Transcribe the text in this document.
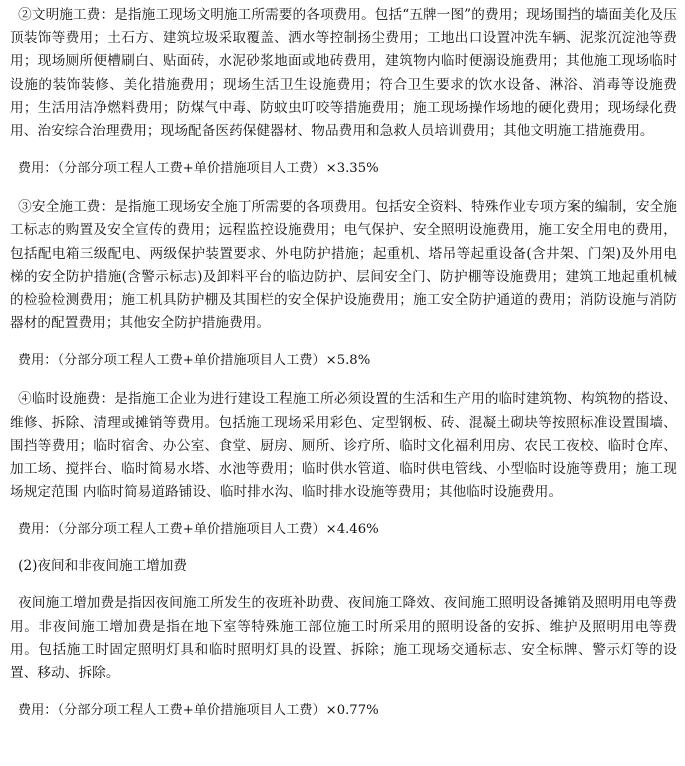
②文明施工费：是指施工现场文明施工所需要的各项费用。包括“五牌一图”的费用；现场围挡的墙面美化及压顶装饰等费用；土石方、建筑垃圾采取覆盖、洒水等控制扬尘费用；工地出口设置冲洗车辆、泥浆沉淀池等费用；现场厕所便槽刷白、贴面砖，水泥砂浆地面或地砖费用，建筑物内临时便溺设施费用；其他施工现场临时设施的装饰装修、美化措施费用；现场生活卫生设施费用；符合卫生要求的饮水设备、淋浴、消毒等设施费用；生活用洁净燃料费用；防煤气中毒、防蚊虫叮咬等措施费用；施工现场操作场地的硬化费用；现场绿化费用、治安综合治理费用；现场配备医药保健器材、物品费用和急救人员培训费用；其他文明施工措施费用。

费用：（分部分项工程人工费+单价措施项目人工费）×3.35%

③安全施工费：是指施工现场安全施丁所需要的各项费用。包括安全资料、特殊作业专项方案的编制，安全施工标志的购置及安全宣传的费用；远程监控设施费用；电气保护、安全照明设施费用，施工安全用电的费用，包括配电箱三级配电、两级保护装置要求、外电防护措施；起重机、塔吊等起重设备(含井架、门架)及外用电梯的安全防护措施(含警示标志)及卸料平台的临边防护、层间安全门、防护棚等设施费用；建筑工地起重机械的检验检测费用；施工机具防护棚及其围栏的安全保护设施费用；施工安全防护通道的费用；消防设施与消防器材的配置费用；其他安全防护措施费用。

费用：（分部分项工程人工费+单价措施项目人工费）×5.8%

④临时设施费：是指施工企业为进行建设工程施工所必须设置的生活和生产用的临时建筑物、构筑物的搭设、维修、拆除、清理或摊销等费用。包括施工现场采用彩色、定型钢板、砖、混凝土砌块等按照标准设置围墙、围挡等费用；临时宿舍、办公室、食堂、厨房、厕所、诊疗所、临时文化福利用房、农民工夜校、临时仓库、加工场、搅拌台、临时简易水塔、水池等费用；临时供水管道、临时供电管线、小型临时设施等费用；施工现场规定范围 内临时简易道路铺设、临时排水沟、临时排水设施等费用；其他临时设施费用。

费用：（分部分项工程人工费+单价措施项目人工费）×4.46%

(2)夜间和非夜间施工增加费

夜间施工增加费是指因夜间施工所发生的夜班补助费、夜间施工降效、夜间施工照明设备摊销及照明用电等费用。非夜间施工增加费是指在地下室等特殊施工部位施工时所采用的照明设备的安拆、维护及照明用电等费用。包括施工时固定照明灯具和临时照明灯具的设置、拆除；施工现场交通标志、安全标牌、警示灯等的设置、移动、拆除。

费用：（分部分项工程人工费+单价措施项目人工费）×0.77%
